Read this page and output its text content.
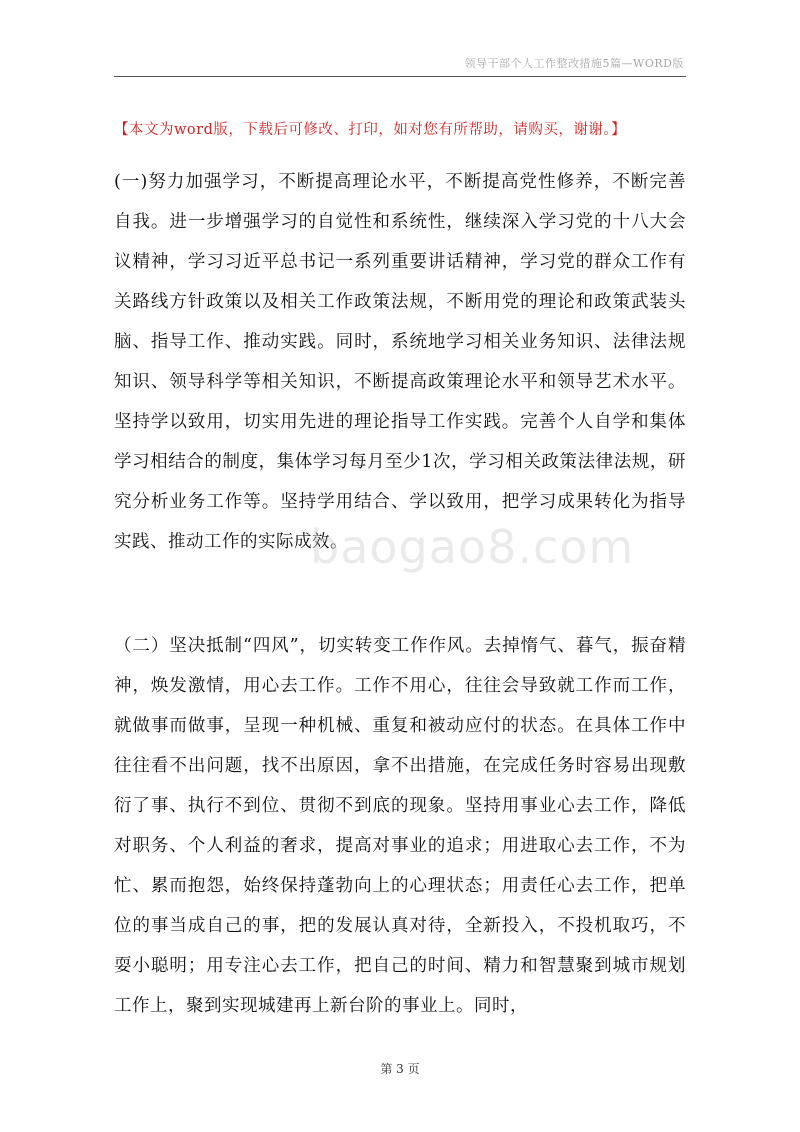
领导干部个人工作整改措施5篇—WORD版
【本文为word版，下载后可修改、打印，如对您有所帮助，请购买，谢谢。】

(一)努力加强学习，不断提高理论水平，不断提高党性修养，不断完善自我。进一步增强学习的自觉性和系统性，继续深入学习党的十八大会议精神，学习习近平总书记一系列重要讲话精神，学习党的群众工作有关路线方针政策以及相关工作政策法规，不断用党的理论和政策武装头脑、指导工作、推动实践。同时，系统地学习相关业务知识、法律法规知识、领导科学等相关知识，不断提高政策理论水平和领导艺术水平。坚持学以致用，切实用先进的理论指导工作实践。完善个人自学和集体学习相结合的制度，集体学习每月至少1次，学习相关政策法律法规，研究分析业务工作等。坚持学用结合、学以致用，把学习成果转化为指导实践、推动工作的实际成效。

baogao8.com

（二）坚决抵制“四风”，切实转变工作作风。去掉惰气、暮气，振奋精神，焕发激情，用心去工作。工作不用心，往往会导致就工作而工作，就做事而做事，呈现一种机械、重复和被动应付的状态。在具体工作中往往看不出问题，找不出原因，拿不出措施，在完成任务时容易出现敷衍了事、执行不到位、贯彻不到底的现象。坚持用事业心去工作，降低对职务、个人利益的奢求，提高对事业的追求；用进取心去工作，不为忙、累而抱怨，始终保持蓬勃向上的心理状态；用责任心去工作，把单位的事当成自己的事，把的发展认真对待，全新投入，不投机取巧，不耍小聪明；用专注心去工作，把自己的时间、精力和智慧聚到城市规划工作上，聚到实现城建再上新台阶的事业上。同时，

第 3 页
